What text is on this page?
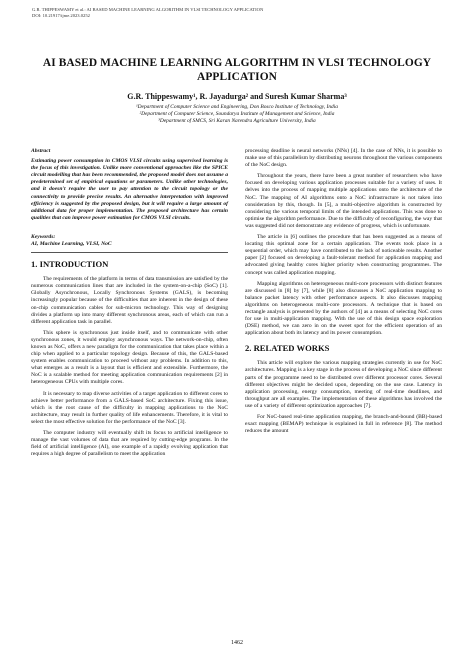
G.R. THIPPESWAMY et al.: AI BASED MACHINE LEARNING ALGORITHM IN VLSI TECHNOLOGY APPLICATION
DOI: 10.21917/ijme.2023.0252
AI BASED MACHINE LEARNING ALGORITHM IN VLSI TECHNOLOGY
APPLICATION
G.R. Thippeswamy¹, R. Jayadurga² and Suresh Kumar Sharma³
¹Department of Computer Science and Engineering, Don Bosco Institute of Technology, India
²Department of Computer Science, Soundarya Institute of Management and Science, India
³Department of SMCS, Sri Karan Narendra Agriculture University, India
Abstract
Estimating power consumption in CMOS VLSI circuits using supervised learning is the focus of this investigation. Unlike more conventional approaches like the SPICE circuit modelling that has been recommended, the proposed model does not assume a predetermined set of empirical equations or parameters. Unlike other technologies, and it doesn't require the user to pay attention to the circuit topology or the connectivity to provide precise results. An alternative interpretation with improved efficiency is suggested by the proposed design, but it will require a large amount of additional data for proper implementation. The proposed architecture has certain qualities that can improve power estimation for CMOS VLSI circuits.
Keywords:
AI, Machine Learning, VLSI, NoC
1. INTRODUCTION

The requirements of the platform in terms of data transmission are satisfied by the numerous communication lines that are included in the system-on-a-chip (SoC) [1]. Globally Asynchronous, Locally Synchronous Systems (GALS), is becoming increasingly popular because of the difficulties that are inherent in the design of these on-chip communication cables for sub-micron technology. This way of designing divides a platform up into many different synchronous areas, each of which can run a different application task in parallel.

This sphere is synchronous just inside itself, and to communicate with other synchronous zones, it would employ asynchronous ways. The network-on-chip, often known as NoC, offers a new paradigm for the communication that takes place within a chip when applied to a particular topology design. Because of this, the GALS-based system enables communication to proceed without any problems. In addition to this, what emerges as a result is a layout that is efficient and extensible. Furthermore, the NoC is a scalable method for meeting application communication requirements [2] in heterogeneous CPUs with multiple cores.

It is necessary to map diverse activities of a target application to different cores to achieve better performance from a GALS-based SoC architecture. Fixing this issue, which is the root cause of the difficulty in mapping applications to the NoC architecture, may result in further quality of life enhancements. Therefore, it is vital to select the most effective solution for the performance of the NoC [3].

The computer industry will eventually shift its focus to artificial intelligence to manage the vast volumes of data that are required by cutting-edge programs. In the field of artificial intelligence (AI), one example of a rapidly evolving application that requires a high degree of parallelism to meet the application

processing deadline is neural networks (NNs) [4]. In the case of NNs, it is possible to make use of this parallelism by distributing neurons throughout the various components of the NoC design.

Throughout the years, there have been a great number of researchers who have focused on developing various application processes suitable for a variety of uses. It delves into the process of mapping multiple applications onto the architecture of the NoC. The mapping of AI algorithms onto a NoC infrastructure is not taken into consideration by this, though. In [5], a multi-objective algorithm is constructed by considering the various temporal limits of the intended applications. This was done to optimise the algorithm performance. Due to the difficulty of reconfiguring, the way that was suggested did not demonstrate any evidence of progress, which is unfortunate.

The article in [6] outlines the procedure that has been suggested as a means of locating this optimal zone for a certain application. The events took place in a sequential order, which may have contributed to the lack of noticeable results. Another paper [2] focused on developing a fault-tolerant method for application mapping and advocated giving healthy cores higher priority when constructing programmes. The concept was called application mapping.

Mapping algorithms on heterogeneous multi-core processors with distinct features are discussed in [8] by [7], while [8] also discusses a NoC application mapping to balance packet latency with other performance aspects. It also discusses mapping algorithms on heterogeneous multi-core processors. A technique that is based on rectangle analysis is presented by the authors of [4] as a means of selecting NoC cores for use in multi-application mapping. With the use of this design space exploration (DSE) method, we can zero in on the sweet spot for the efficient operation of an application about both its latency and its power consumption.

2. RELATED WORKS

This article will explore the various mapping strategies currently in use for NoC architectures. Mapping is a key stage in the process of developing a NoC since different parts of the programme need to be distributed over different processor cores. Several different objectives might be decided upon, depending on the use case. Latency in application processing, energy consumption, meeting of real-time deadlines, and throughput are all examples. The implementation of these algorithms has involved the use of a variety of different optimization approaches [7].

For NoC-based real-time application mapping, the branch-and-bound (BB)-based exact mapping (BEMAP) technique is explained in full in reference [8]. The method reduces the amount

1462
